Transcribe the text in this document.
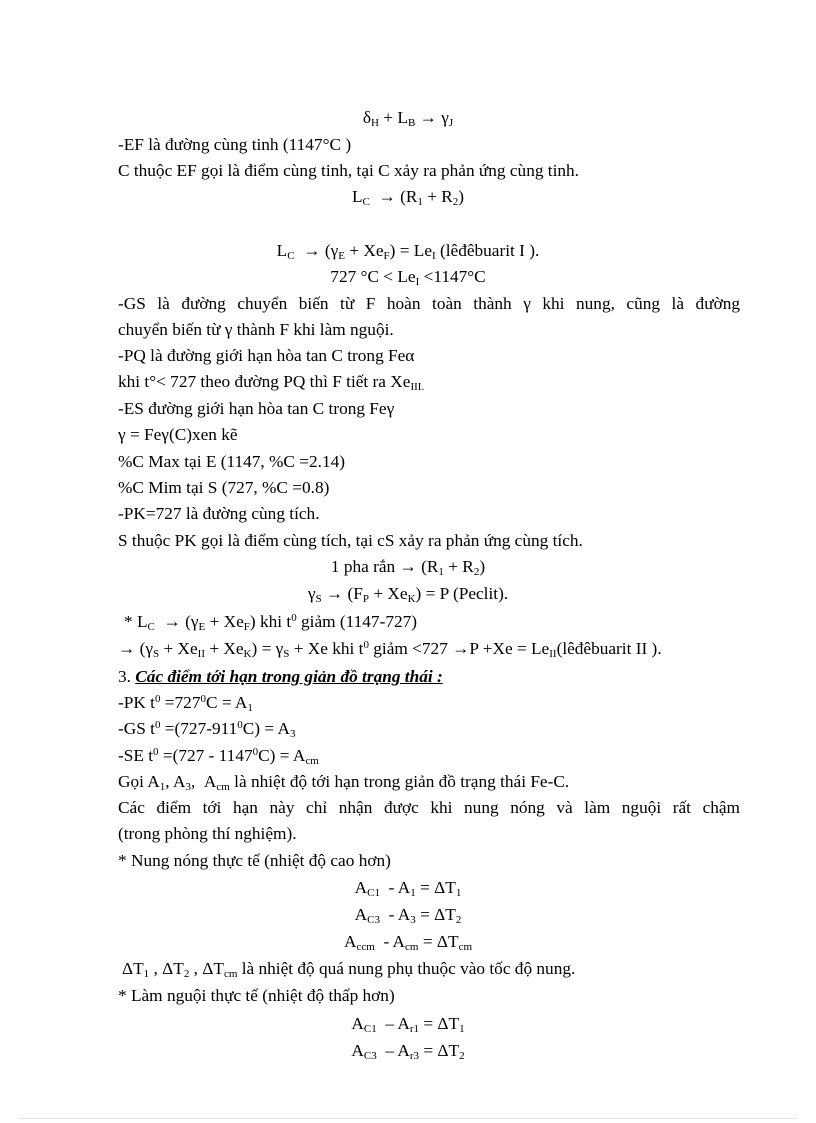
$\delta_H + L_B \to \gamma_J$
-EF là đường cùng tinh (1147°C )
C thuộc EF gọi là điểm cùng tinh, tại C xảy ra phản ứng cùng tinh.
$L_C \to (R_1 + R_2)$
$L_C \to (\gamma_E + Xe_F) = Le_I$ (lêđêbuarit I ).
727 $^\circ C < Le_I <1147^\circ C$
-GS là đường chuyển biến từ F hoàn toàn thành γ khi nung, cũng là đường
chuyển biến từ γ thành F khi làm nguội.
-PQ là đường giới hạn hòa tan C trong Feα
khi t°< 727 theo đường PQ thì F tiết ra $Xe_{III.}$
-ES đường giới hạn hòa tan C trong Feγ
γ = Feγ(C)xen kẽ
%C Max tại E (1147, %C =2.14)
%C Mim tại S (727, %C =0.8)
-PK=727 là đường cùng tích.
S thuộc PK gọi là điểm cùng tích, tại cS xảy ra phản ứng cùng tích.
1 pha rắn → $(R_1 + R_2)$
$\gamma_S \to (F_P + Xe_K) = P$ (Peclit).
* $L_C \to (\gamma_E + Xe_F)$ khi $t^0$ giảm (1147-727)
→ $(\gamma_S + Xe_{II} + Xe_K) = \gamma_S + Xe$ khi $t^0$ giảm $<727 \to P +Xe = Le_{II}(lêđêbuarit$ II ).
3. Các điểm tới hạn trong giản đồ trạng thái :
-PK $t^0 =727^0C = A_1$
-GS $t^0 =(727-911^0C) = A_3$
-SE $t^0 =(727 - 1147^0C) = A_{cm}$
Gọi $A_1$, $A_3$,  $A_{cm}$ là nhiệt độ tới hạn trong giản đồ trạng thái Fe-C.
Các điểm tới hạn này chỉ nhận được khi nung nóng và làm nguội rất chậm
(trong phòng thí nghiệm).
* Nung nóng thực tế (nhiệt độ cao hơn)
$A_{C1} - A_1 = \Delta T_1$
$A_{C3} - A_3 = \Delta T_2$
$A_{ccm} - A_{cm} = \Delta T_{cm}$
$\Delta T_1$ , $\Delta T_2$ , $\Delta T_{cm}$ là nhiệt độ quá nung phụ thuộc vào tốc độ nung.
* Làm nguội thực tế (nhiệt độ thấp hơn)
$A_{C1} - A_{r1} = \Delta T_1$
$A_{C3} - A_{r3} = \Delta T_2$
